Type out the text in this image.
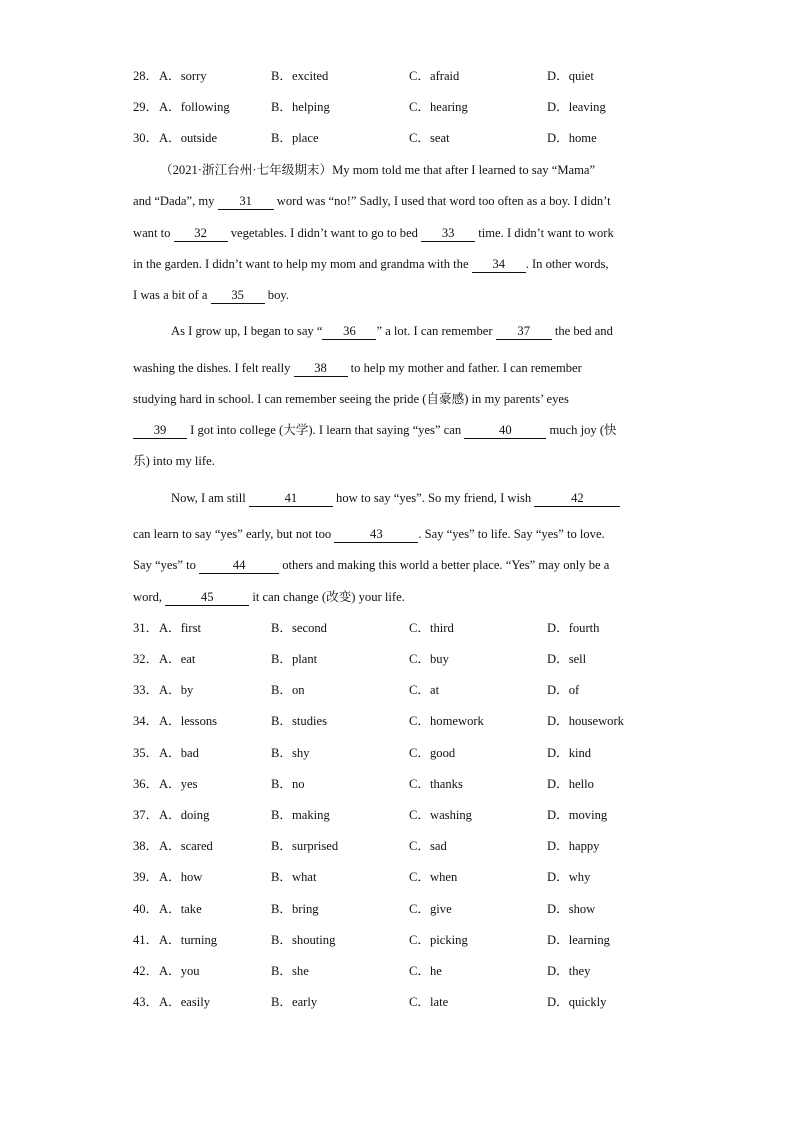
28． A．sorry	B．excited	C．afraid	D．quiet
29． A．following	B．helping	C．hearing	D．leaving
30． A．outside	B．place	C．seat	D．home
（2021·浙江台州·七年级期末）My mom told me that after I learned to say “Mama”
and “Dada”, my 31 word was “no!” Sadly, I used that word too often as a boy. I didn’t
want to 32 vegetables. I didn’t want to go to bed 33 time. I didn’t want to work
in the garden. I didn’t want to help my mom and grandma with the 34 . In other words,
I was a bit of a 35 boy.
As I grow up, I began to say “ 36 ” a lot. I can remember 37 the bed and
washing the dishes. I felt really 38 to help my mother and father. I can remember
studying hard in school. I can remember seeing the pride (自豪感) in my parents’ eyes
39 I got into college (大学). I learn that saying “yes” can	40	much joy (快
乐) into my life.
Now, I am still	41	how to say “yes”. So my friend, I wish	42
can learn to say “yes” early, but not too	43	. Say “yes” to life. Say “yes” to love.
Say “yes” to	44	others and making this world a better place. “Yes” may only be a
word,	45	it can change (改变) your life.
31． A．first	B．second	C．third	D．fourth
32． A．eat	B．plant	C．buy	D．sell
33． A．by	B．on	C．at	D．of
34． A．lessons	B．studies	C．homework	D．housework
35． A．bad	B．shy	C．good	D．kind
36． A．yes	B．no	C．thanks	D．hello
37． A．doing	B．making	C．washing	D．moving
38． A．scared	B．surprised	C．sad	D．happy
39． A．how	B．what	C．when	D．why
40． A．take	B．bring	C．give	D．show
41． A．turning	B．shouting	C．picking	D．learning
42． A．you	B．she	C．he	D．they
43． A．easily	B．early	C．late	D．quickly
